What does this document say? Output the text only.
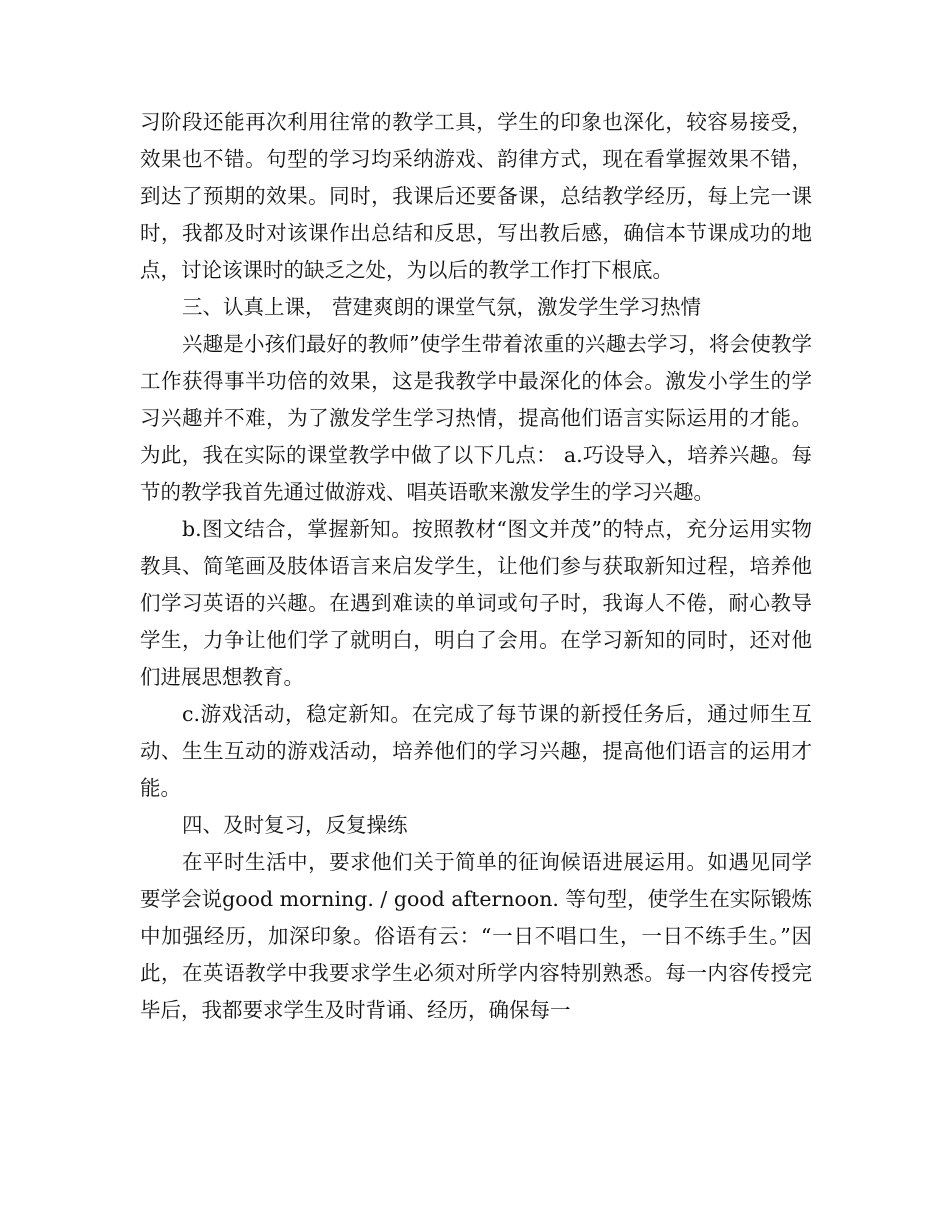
习阶段还能再次利用往常的教学工具，学生的印象也深化，较容易接受，效果也不错。句型的学习均采纳游戏、韵律方式，现在看掌握效果不错，到达了预期的效果。同时，我课后还要备课，总结教学经历，每上完一课时，我都及时对该课作出总结和反思，写出教后感，确信本节课成功的地点，讨论该课时的缺乏之处，为以后的教学工作打下根底。

三、认真上课， 营建爽朗的课堂气氛，激发学生学习热情

兴趣是小孩们最好的教师”使学生带着浓重的兴趣去学习，将会使教学工作获得事半功倍的效果，这是我教学中最深化的体会。激发小学生的学习兴趣并不难，为了激发学生学习热情，提高他们语言实际运用的才能。为此，我在实际的课堂教学中做了以下几点： a.巧设导入，培养兴趣。每节的教学我首先通过做游戏、唱英语歌来激发学生的学习兴趣。

b.图文结合，掌握新知。按照教材“图文并茂”的特点，充分运用实物教具、简笔画及肢体语言来启发学生，让他们参与获取新知过程，培养他们学习英语的兴趣。在遇到难读的单词或句子时，我诲人不倦，耐心教导学生，力争让他们学了就明白，明白了会用。在学习新知的同时，还对他们进展思想教育。

c.游戏活动，稳定新知。在完成了每节课的新授任务后，通过师生互动、生生互动的游戏活动，培养他们的学习兴趣，提高他们语言的运用才能。

四、及时复习，反复操练

在平时生活中，要求他们关于简单的征询候语进展运用。如遇见同学要学会说good morning. / good afternoon. 等句型，使学生在实际锻炼中加强经历，加深印象。俗语有云：“一日不唱口生，一日不练手生。”因此，在英语教学中我要求学生必须对所学内容特别熟悉。每一内容传授完毕后，我都要求学生及时背诵、经历，确保每一
